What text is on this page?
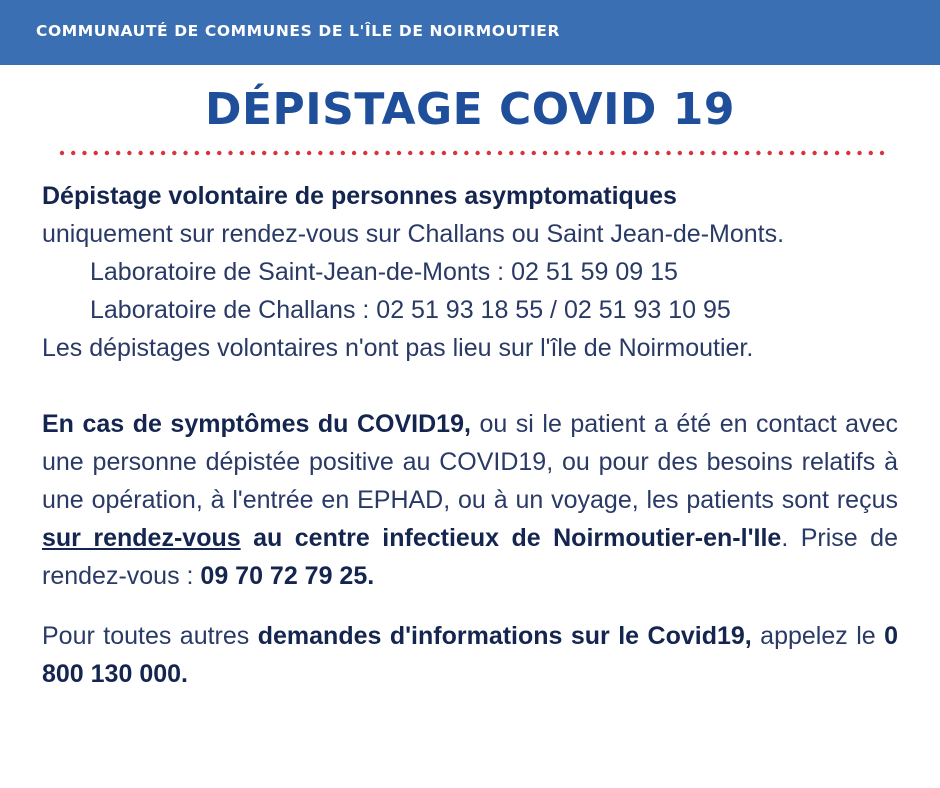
COMMUNAUTÉ DE COMMUNES DE L'ÎLE DE NOIRMOUTIER
DÉPISTAGE COVID 19
Dépistage volontaire de personnes asymptomatiques
uniquement sur rendez-vous sur Challans ou Saint Jean-de-Monts.
Laboratoire de Saint-Jean-de-Monts : 02 51 59 09 15
Laboratoire de Challans : 02 51 93 18 55 / 02 51 93 10 95
Les dépistages volontaires n'ont pas lieu sur l'île de Noirmoutier.
En cas de symptômes du COVID19, ou si le patient a été en contact avec une personne dépistée positive au COVID19, ou pour des besoins relatifs à une opération, à l'entrée en EPHAD, ou à un voyage, les patients sont reçus sur rendez-vous au centre infectieux de Noirmoutier-en-l'Ile. Prise de rendez-vous : 09 70 72 79 25.
Pour toutes autres demandes d'informations sur le Covid19, appelez le 0 800 130 000.
